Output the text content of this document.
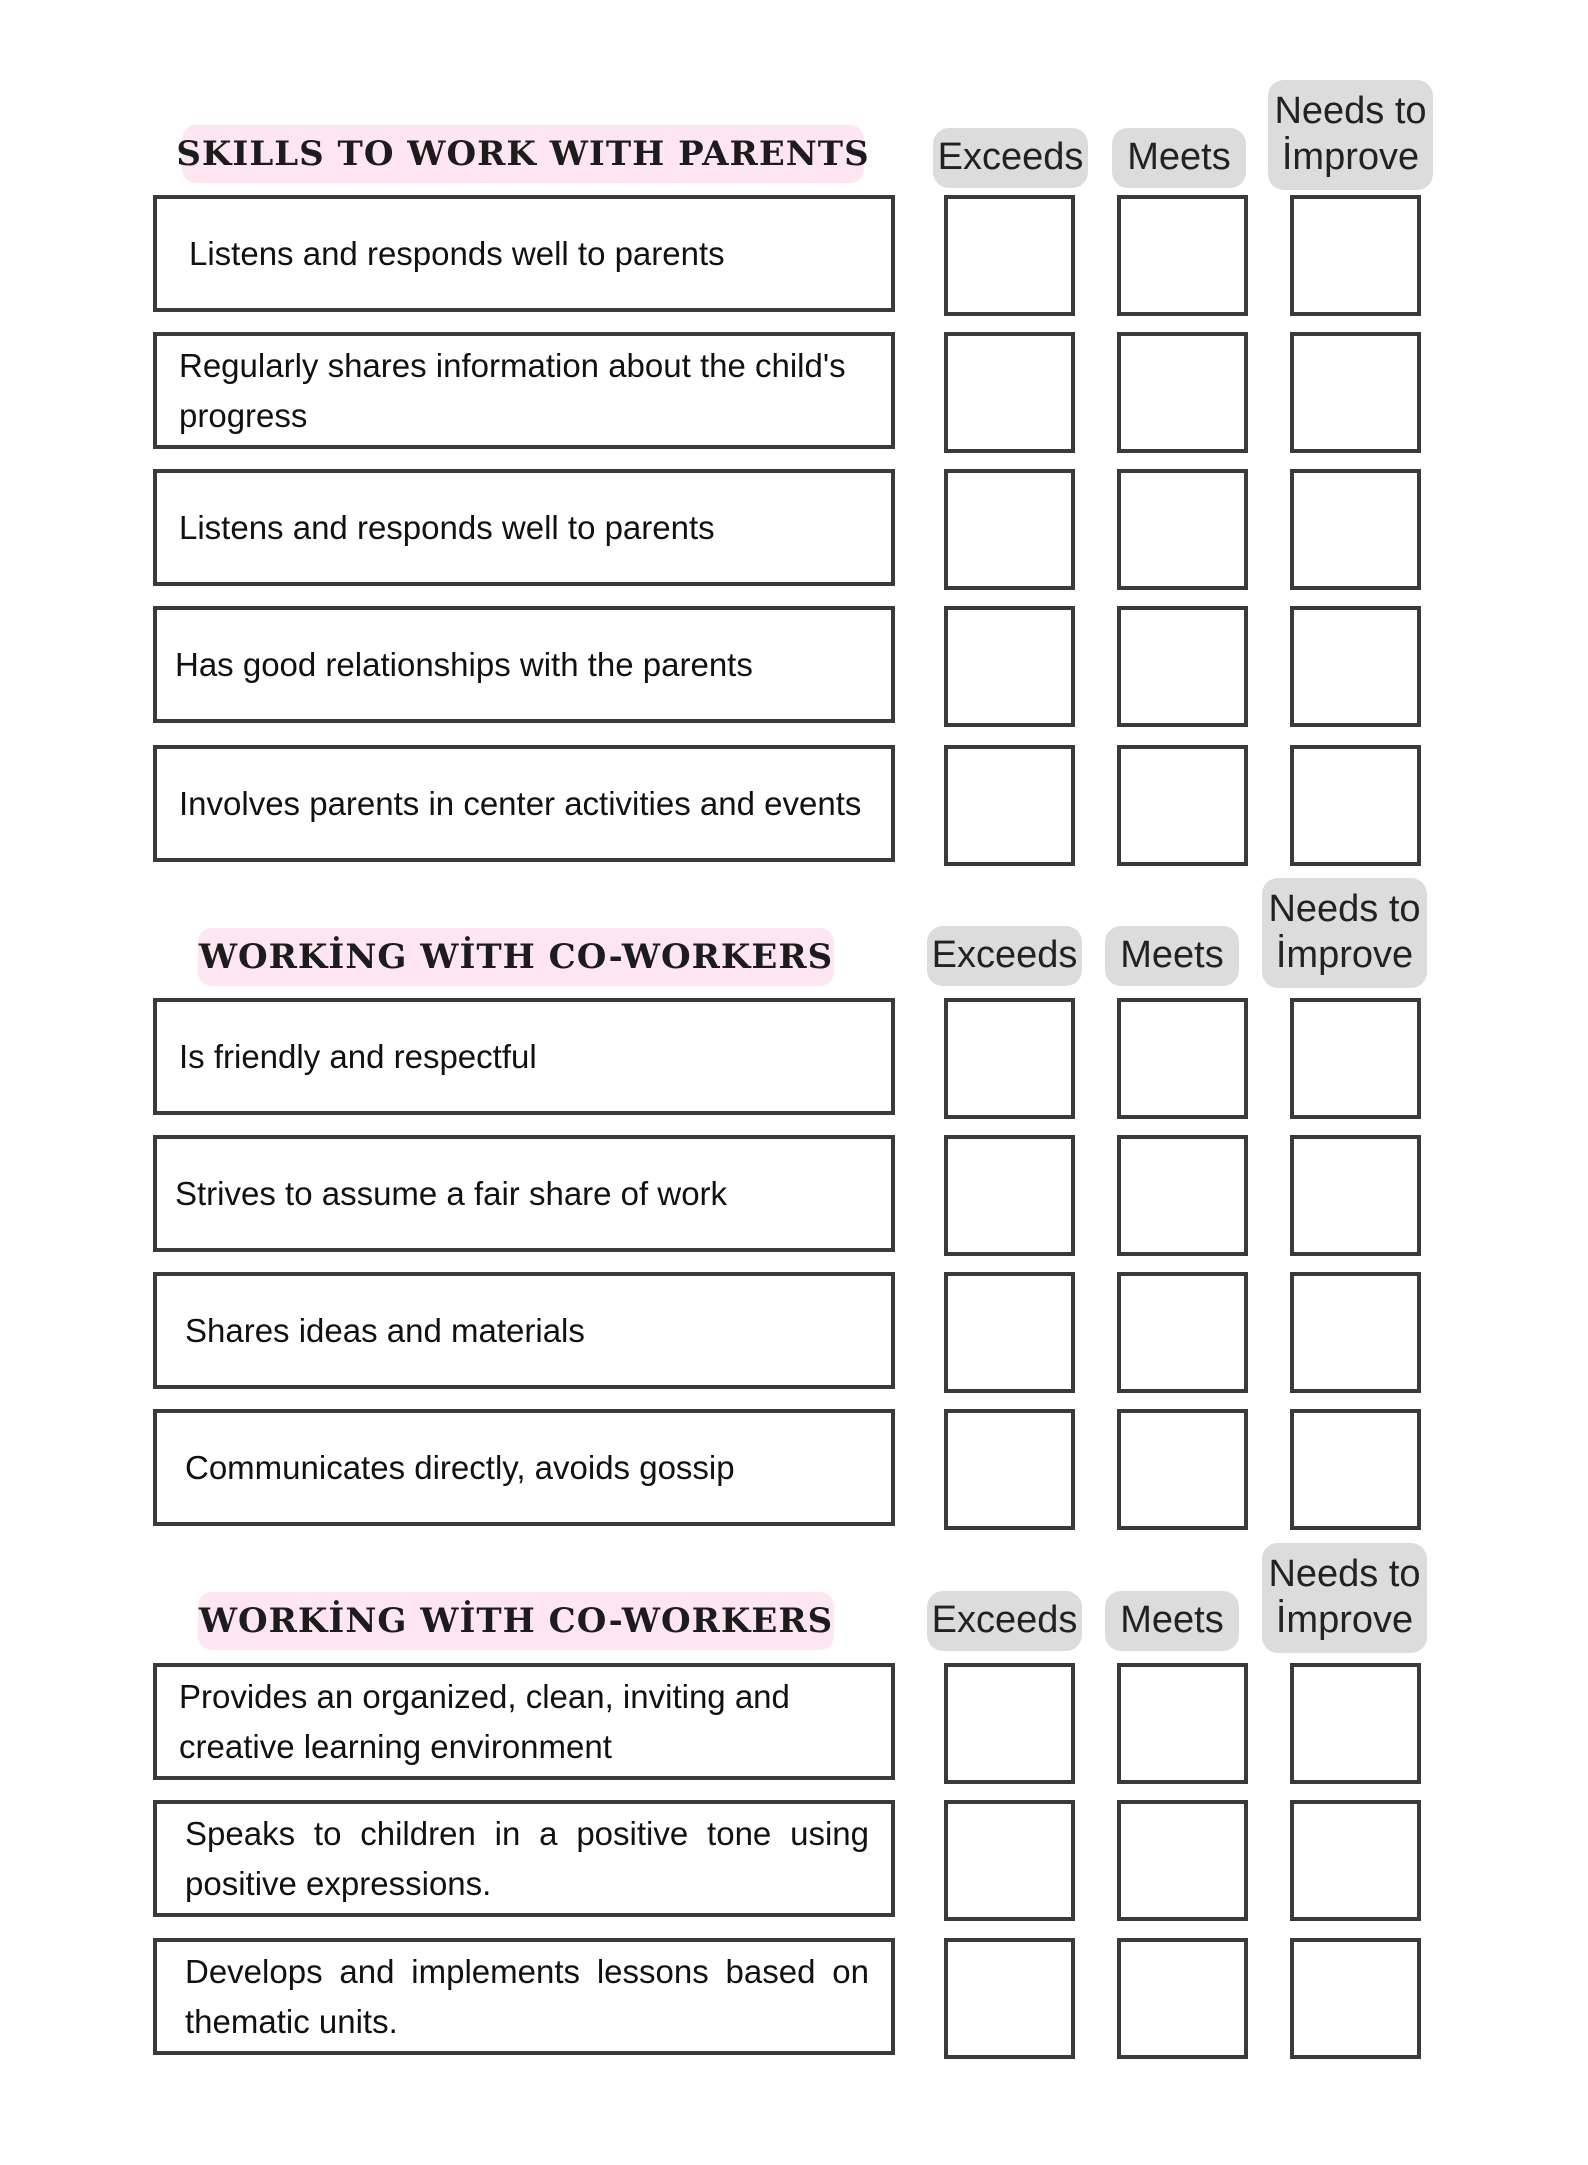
SKILLS TO WORK WITH PARENTS Exceeds Meets
Needs to
İmprove
Listens and responds well to parents
Regularly shares information about the child's progress
Listens and responds well to parents
Has good relationships with the parents
Involves parents in center activities and events
WORKİNG WİTH CO-WORKERS	Exceeds Meets
Needs to
İmprove
Is friendly and respectful
Strives to assume a fair share of work
Shares ideas and materials
Communicates directly, avoids gossip
WORKİNG WİTH CO-WORKERS	Exceeds Meets
Needs to
İmprove
Provides an organized, clean, inviting and creative learning environment
Speaks to children in a positive tone using positive expressions.
Develops and implements lessons based on thematic units.
